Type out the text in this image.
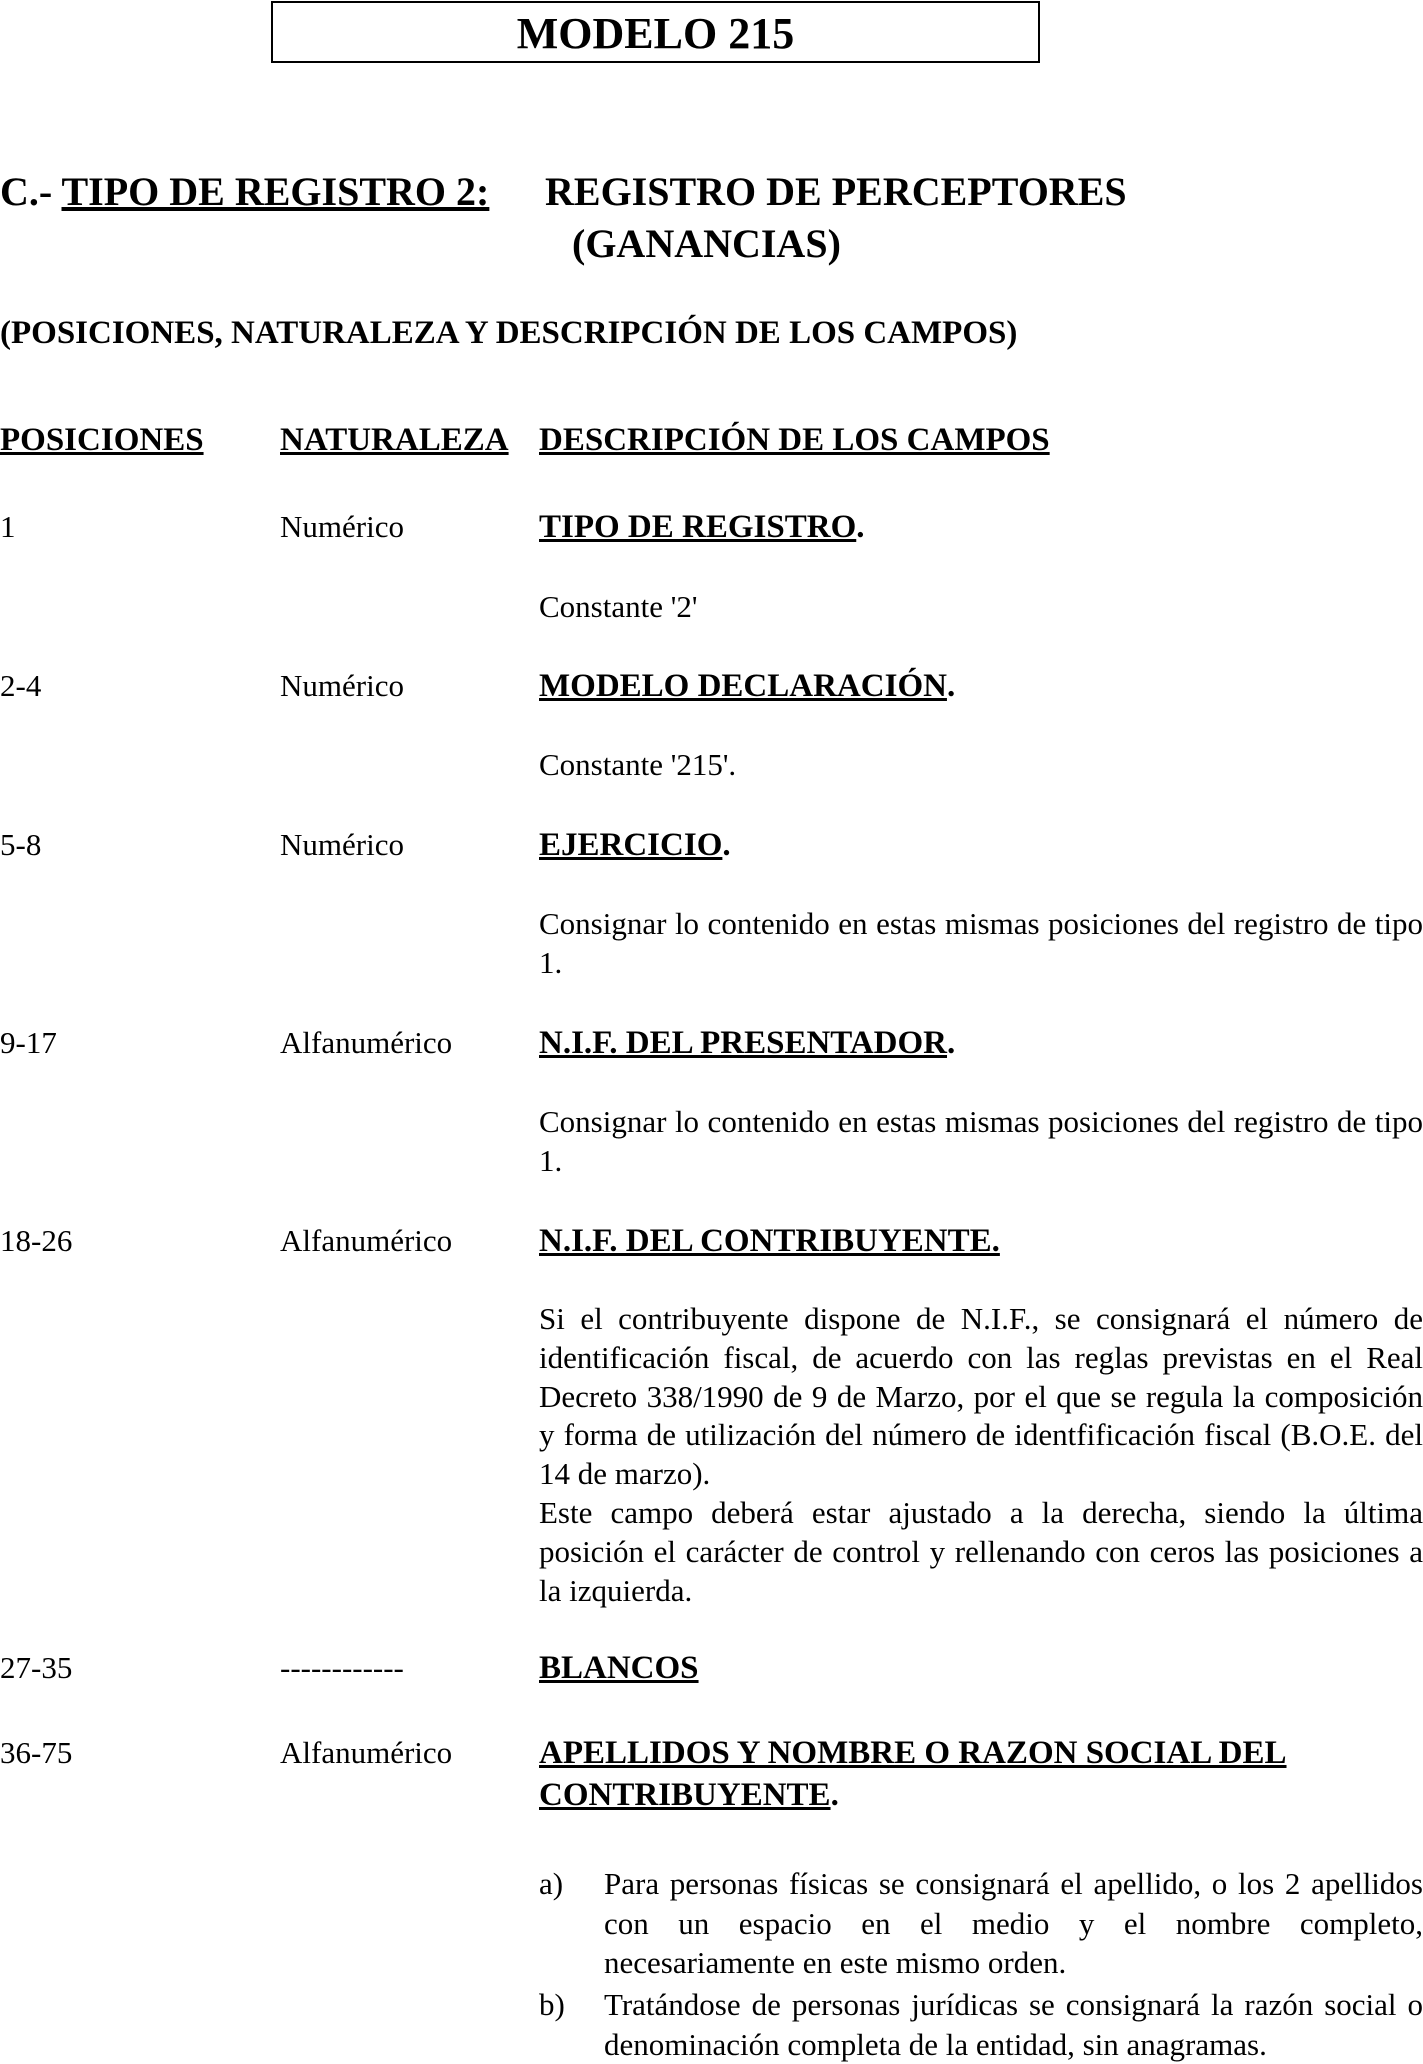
MODELO 215
C.- TIPO DE REGISTRO 2: REGISTRO DE PERCEPTORES
(GANANCIAS)
(POSICIONES, NATURALEZA Y DESCRIPCIÓN DE LOS CAMPOS)
POSICIONES NATURALEZA DESCRIPCIÓN DE LOS CAMPOS
1	Numérico	TIPO DE REGISTRO.
Constante '2'
2-4	Numérico	MODELO DECLARACIÓN.
Constante '215'.
5-8	Numérico	EJERCICIO.
Consignar lo contenido en estas mismas posiciones del registro de tipo 1.
9-17	Alfanumérico	N.I.F. DEL PRESENTADOR.
Consignar lo contenido en estas mismas posiciones del registro de tipo 1.
18-26	Alfanumérico	N.I.F. DEL CONTRIBUYENTE.
Si el contribuyente dispone de N.I.F., se consignará el número de identificación fiscal, de acuerdo con las reglas previstas en el Real Decreto 338/1990 de 9 de Marzo, por el que se regula la composición y forma de utilización del número de identfificación fiscal (B.O.E. del 14 de marzo).
Este campo deberá estar ajustado a la derecha, siendo la última posición el carácter de control y rellenando con ceros las posiciones a la izquierda.
27-35	------------	BLANCOS
36-75	Alfanumérico	APELLIDOS Y NOMBRE O RAZON SOCIAL DEL
CONTRIBUYENTE.
a) Para personas físicas se consignará el apellido, o los 2 apellidos con un espacio en el medio y el nombre completo, necesariamente en este mismo orden.
b) Tratándose de personas jurídicas se consignará la razón social o denominación completa de la entidad, sin anagramas.
